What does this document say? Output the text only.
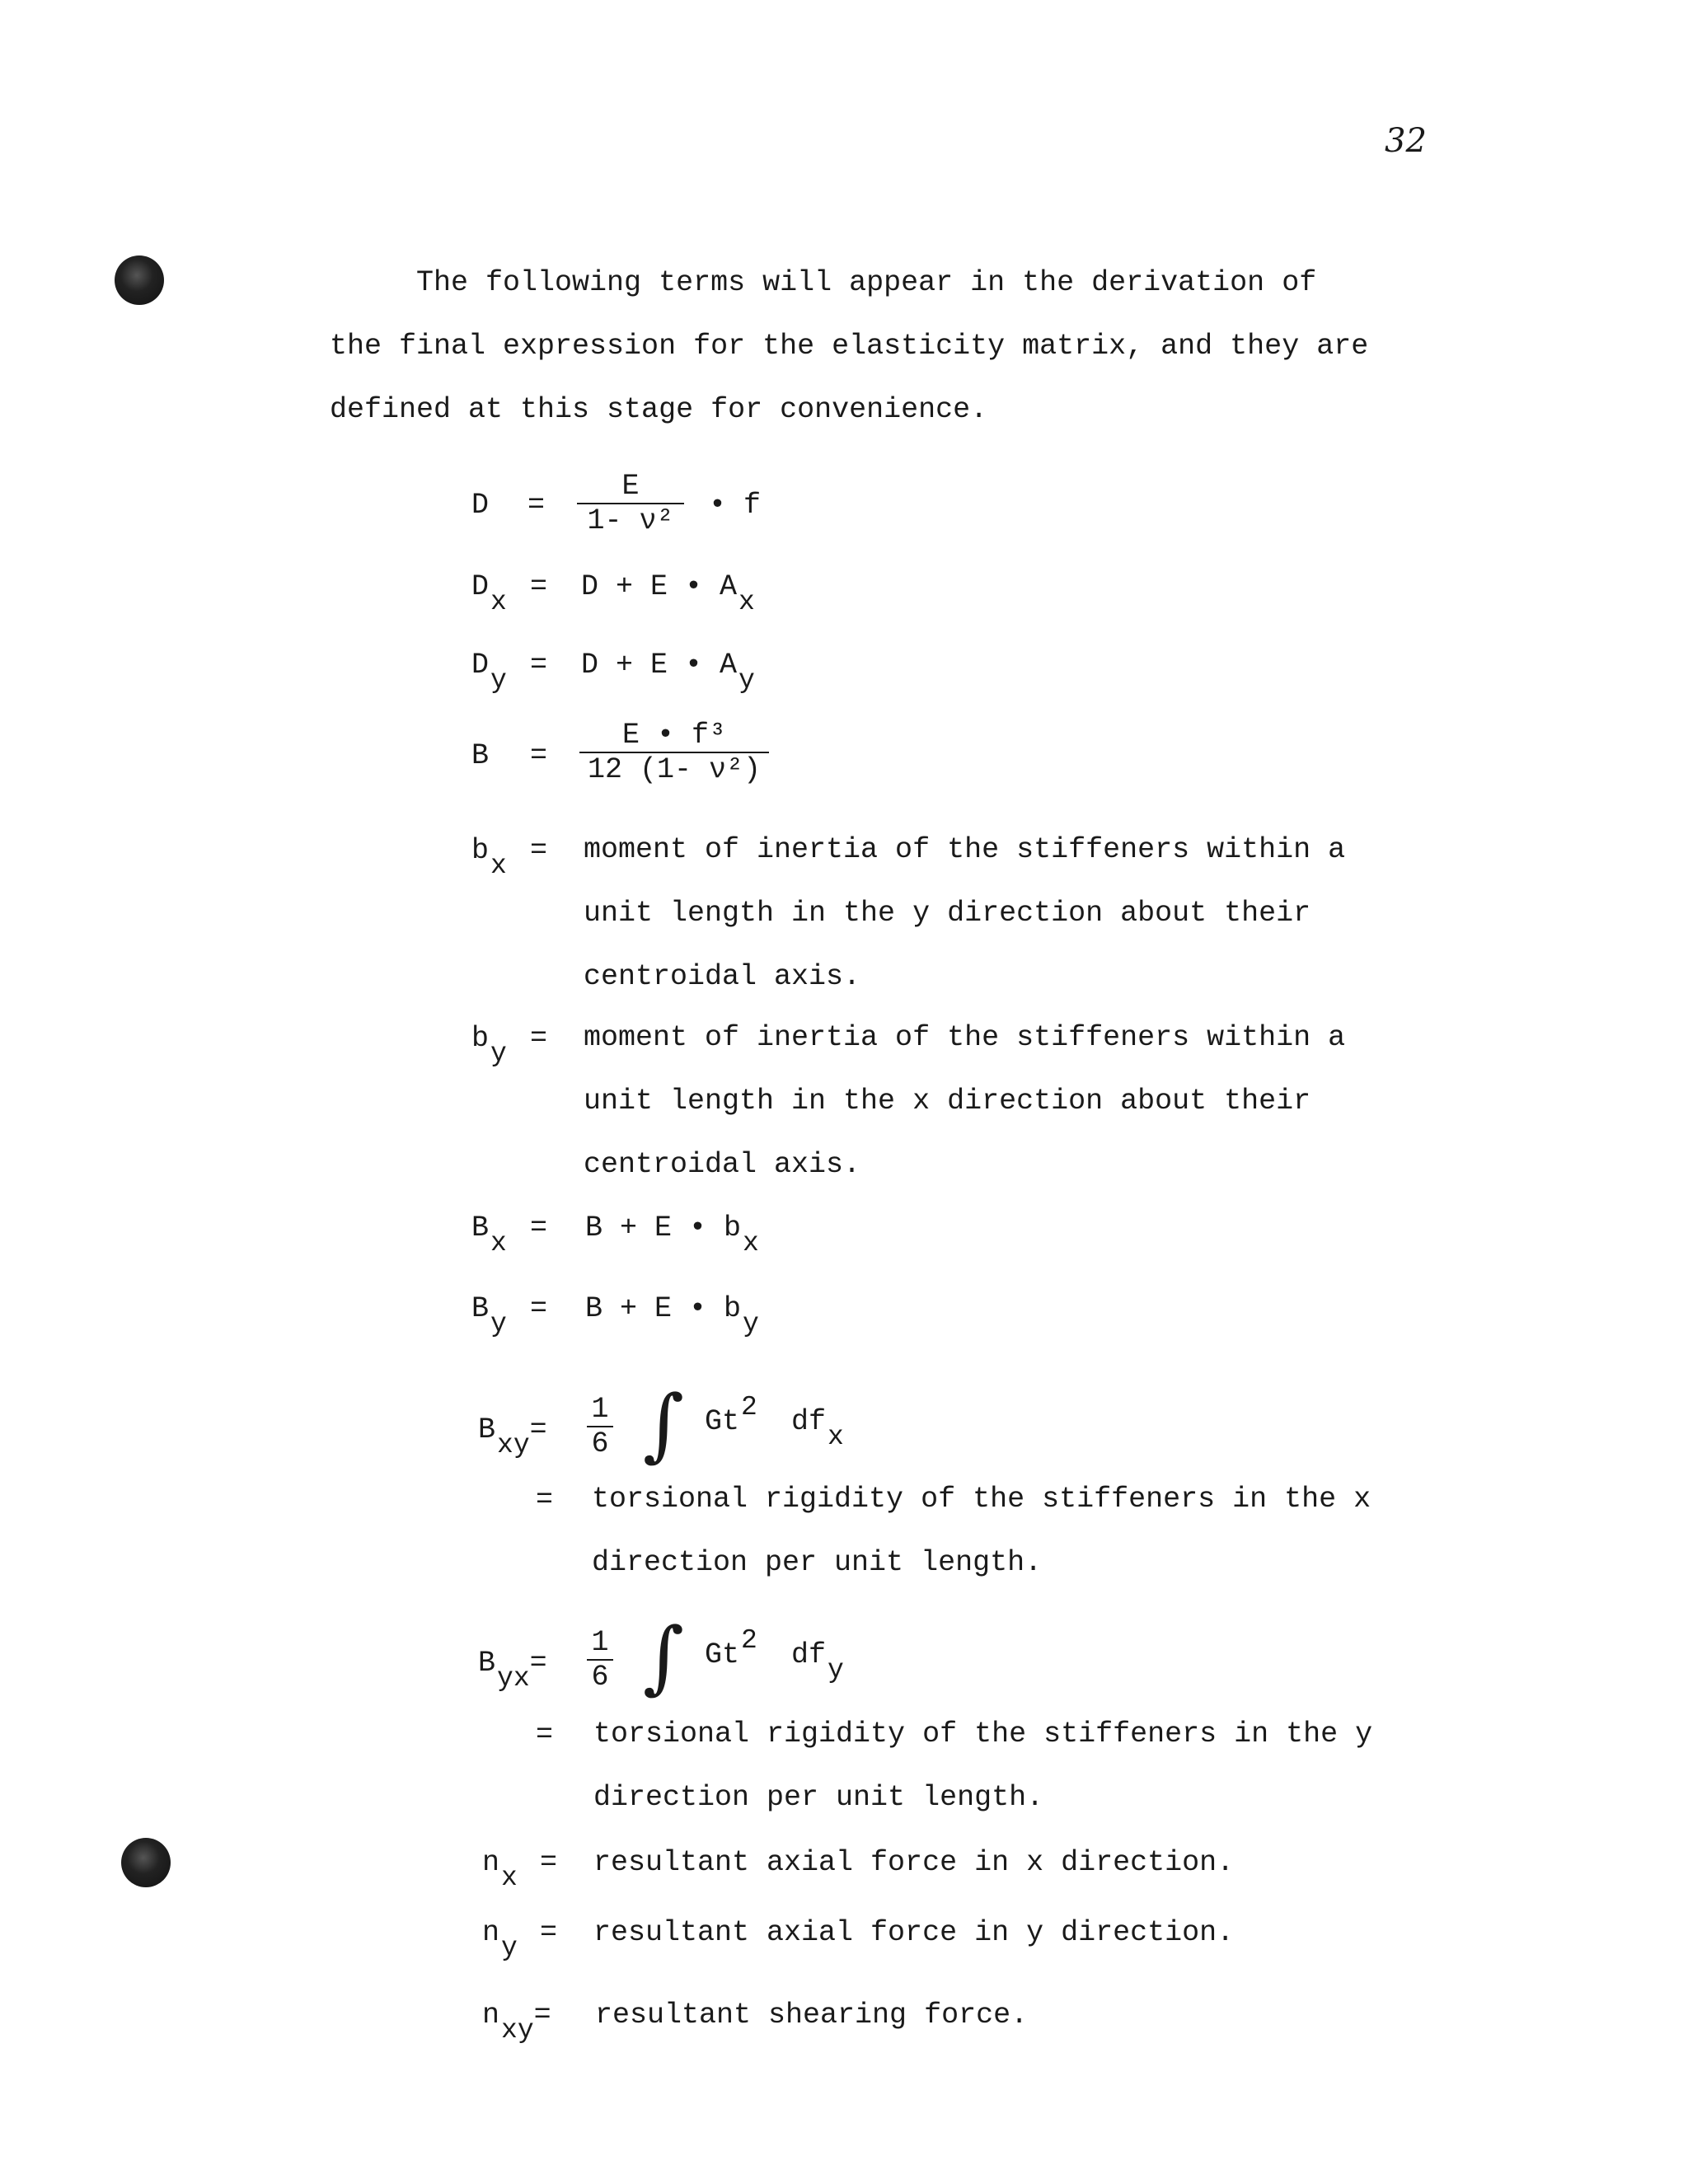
32
The following terms will appear in the derivation of
the final expression for the elasticity matrix, and they are
defined at this stage for convenience.
D =
E
1- ν²	• f
Dx = D + E • Ax
Dy = D + E • Ay
B =
E • f³
12 (1- ν²)
bx = moment of inertia of the stiffeners within a
unit length in the y direction about their
centroidal axis.
by = moment of inertia of the stiffeners within a
unit length in the x direction about their
centroidal axis.
Bx = B + E • bx
By = B + E • by
Bxy=
1
6 ∫ Gt2 dfx
= torsional rigidity of the stiffeners in the x
direction per unit length.
Byx=
1
6 ∫ Gt2 dfy
= torsional rigidity of the stiffeners in the y
direction per unit length.
nx = resultant axial force in x direction.
ny = resultant axial force in y direction.
nxy= resultant shearing force.
